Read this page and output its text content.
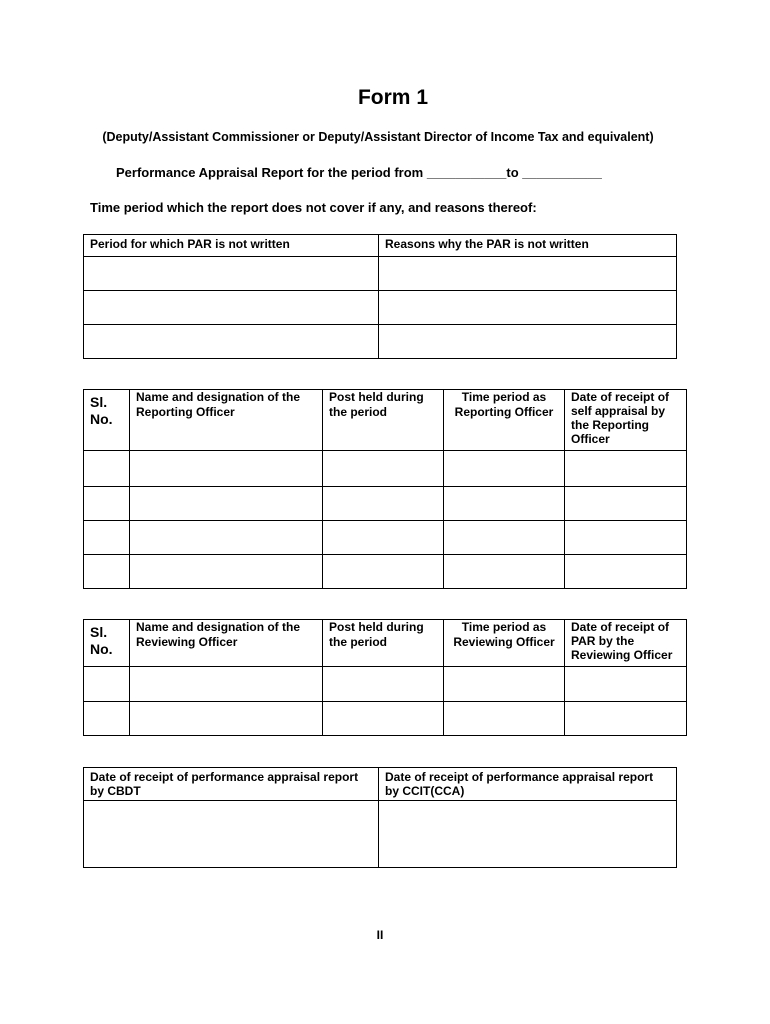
Form 1
(Deputy/Assistant Commissioner or Deputy/Assistant Director of Income Tax and equivalent)
Performance Appraisal Report for the period from ___________to ___________
Time period which the report does not cover if any, and reasons thereof:
Period for which PAR is not written	Reasons why the PAR is not written

Sl. No.	Name and designation of the Reporting Officer	Post held during the period	Time period as Reporting Officer	Date of receipt of self appraisal by the Reporting Officer

Sl. No.	Name and designation of the Reviewing Officer	Post held during the period	Time period as Reviewing Officer	Date of receipt of PAR by the Reviewing Officer

Date of receipt of performance appraisal report by CBDT	Date of receipt of performance appraisal report by CCIT(CCA)

II
